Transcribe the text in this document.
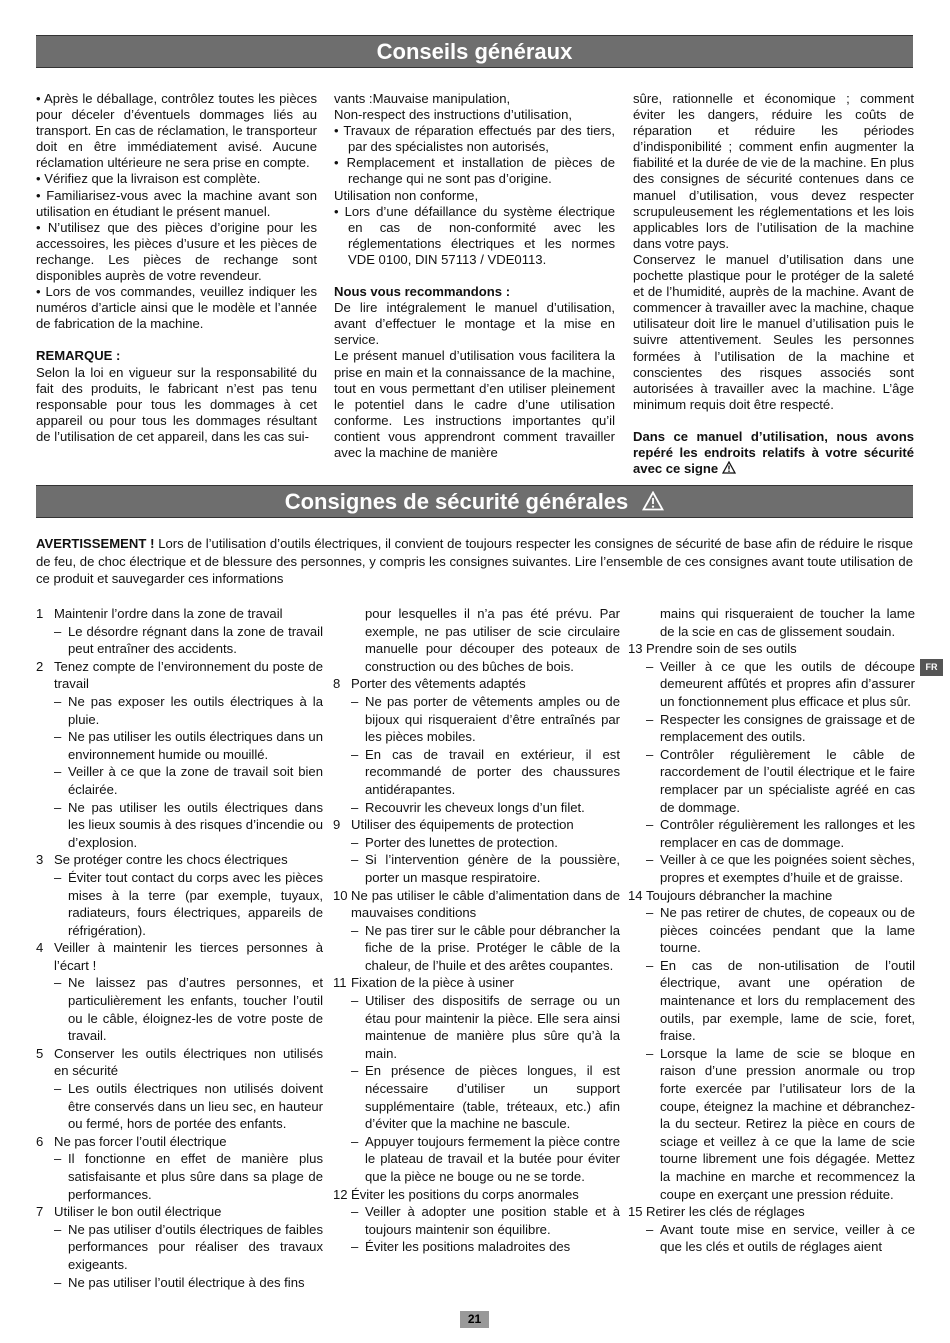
Conseils généraux

• Après le déballage, contrôlez toutes les pièces pour déceler d’éventuels dommages liés au transport. En cas de réclamation, le transporteur doit en être immédiatement avisé. Aucune réclamation ultérieure ne sera prise en compte.

• Vérifiez que la livraison est complète.

• Familiarisez-vous avec la machine avant son utilisation en étudiant le présent manuel.

• N’utilisez que des pièces d’origine pour les accessoires, les pièces d’usure et les pièces de rechange. Les pièces de rechange sont disponibles auprès de votre revendeur.

• Lors de vos commandes, veuillez indiquer les numéros d’article ainsi que le modèle et l’année de fabrication de la machine.

REMARQUE :

Selon la loi en vigueur sur la responsabilité du fait des produits, le fabricant n’est pas tenu responsable pour tous les dommages à cet appareil ou pour tous les dommages résultant de l’utilisation de cet appareil, dans les cas sui-

vants :Mauvaise manipulation,

Non-respect des instructions d’utilisation,

• Travaux de réparation effectués par des tiers, par des spécialistes non autorisés,

• Remplacement et installation de pièces de rechange qui ne sont pas d’origine.

Utilisation non conforme,

• Lors d’une défaillance du système électrique en cas de non-conformité avec les réglementations électriques et les normes VDE 0100, DIN 57113 / VDE0113.

Nous vous recommandons :

De lire intégralement le manuel d’utilisation, avant d’effectuer le montage et la mise en service.

Le présent manuel d’utilisation vous facilitera la prise en main et la connaissance de la machine, tout en vous permettant d’en utiliser pleinement le potentiel dans le cadre d’une utilisation conforme. Les instructions importantes qu’il contient vous apprendront comment travailler avec la machine de manière

sûre, rationnelle et économique ; comment éviter les dangers, réduire les coûts de réparation et réduire les périodes d’indisponibilité ; comment enfin augmenter la fiabilité et la durée de vie de la machine. En plus des consignes de sécurité contenues dans ce manuel d’utilisation, vous devez respecter scrupuleusement les réglementations et les lois applicables lors de l’utilisation de la machine dans votre pays.

Conservez le manuel d’utilisation dans une pochette plastique pour le protéger de la saleté et de l’humidité, auprès de la machine. Avant de commencer à travailler avec la machine, chaque utilisateur doit lire le manuel d’utilisation puis le suivre attentivement. Seules les personnes formées à l’utilisation de la machine et conscientes des risques associés sont autorisées à travailler avec la machine. L’âge minimum requis doit être respecté.

Dans ce manuel d’utilisation, nous avons repéré les endroits relatifs à votre sécurité avec ce signe

Consignes de sécurité générales
AVERTISSEMENT ! Lors de l’utilisation d’outils électriques, il convient de toujours respecter les consignes de sécurité de base afin de réduire le risque de feu, de choc électrique et de blessure des personnes, y compris les consignes suivantes. Lire l’ensemble de ces consignes avant toute utilisation de ce produit et sauvegarder ces informations
1 Maintenir l’ordre dans la zone de travail
– Le désordre régnant dans la zone de travail peut entraîner des accidents.
2 Tenez compte de l’environnement du poste de travail
– Ne pas exposer les outils électriques à la pluie.
– Ne pas utiliser les outils électriques dans un environnement humide ou mouillé.
– Veiller à ce que la zone de travail soit bien éclairée.
– Ne pas utiliser les outils électriques dans les lieux soumis à des risques d’incendie ou d’explosion.
3 Se protéger contre les chocs électriques
– Éviter tout contact du corps avec les pièces mises à la terre (par exemple, tuyaux, radiateurs, fours électriques, appareils de réfrigération).
4 Veiller à maintenir les tierces personnes à l’écart !
– Ne laissez pas d’autres personnes, et particulièrement les enfants, toucher l’outil ou le câble, éloignez-les de votre poste de travail.
5 Conserver les outils électriques non utilisés en sécurité
– Les outils électriques non utilisés doivent être conservés dans un lieu sec, en hauteur ou fermé, hors de portée des enfants.
6 Ne pas forcer l’outil électrique
– Il fonctionne en effet de manière plus satisfaisante et plus sûre dans sa plage de performances.
7 Utiliser le bon outil électrique
– Ne pas utiliser d’outils électriques de faibles performances pour réaliser des travaux exigeants.
– Ne pas utiliser l’outil électrique à des fins
pour lesquelles il n’a pas été prévu. Par exemple, ne pas utiliser de scie circulaire manuelle pour découper des poteaux de construction ou des bûches de bois.
8 Porter des vêtements adaptés
– Ne pas porter de vêtements amples ou de bijoux qui risqueraient d’être entraînés par les pièces mobiles.
– En cas de travail en extérieur, il est recommandé de porter des chaussures antidérapantes.
– Recouvrir les cheveux longs d’un filet.
9 Utiliser des équipements de protection
– Porter des lunettes de protection.
– Si l’intervention génère de la poussière, porter un masque respiratoire.
10 Ne pas utiliser le câble d’alimentation dans de mauvaises conditions
– Ne pas tirer sur le câble pour débrancher la fiche de la prise. Protéger le câble de la chaleur, de l’huile et des arêtes coupantes.
11 Fixation de la pièce à usiner
– Utiliser des dispositifs de serrage ou un étau pour maintenir la pièce. Elle sera ainsi maintenue de manière plus sûre qu’à la main.
– En présence de pièces longues, il est nécessaire d’utiliser un support supplémentaire (table, tréteaux, etc.) afin d’éviter que la machine ne bascule.
– Appuyer toujours fermement la pièce contre le plateau de travail et la butée pour éviter que la pièce ne bouge ou ne se torde.
12 Éviter les positions du corps anormales
– Veiller à adopter une position stable et à toujours maintenir son équilibre.
– Éviter les positions maladroites des
mains qui risqueraient de toucher la lame de la scie en cas de glissement soudain.
13 Prendre soin de ses outils
– Veiller à ce que les outils de découpe demeurent affûtés et propres afin d’assurer un fonctionnement plus efficace et plus sûr.
– Respecter les consignes de graissage et de remplacement des outils.
– Contrôler régulièrement le câble de raccordement de l’outil électrique et le faire remplacer par un spécialiste agréé en cas de dommage.
– Contrôler régulièrement les rallonges et les remplacer en cas de dommage.
– Veiller à ce que les poignées soient sèches, propres et exemptes d’huile et de graisse.
14 Toujours débrancher la machine
– Ne pas retirer de chutes, de copeaux ou de pièces coincées pendant que la lame tourne.
– En cas de non-utilisation de l’outil électrique, avant une opération de maintenance et lors du remplacement des outils, par exemple, lame de scie, foret, fraise.
– Lorsque la lame de scie se bloque en raison d’une pression anormale ou trop forte exercée par l’utilisateur lors de la coupe, éteignez la machine et débranchez-la du secteur. Retirez la pièce en cours de sciage et veillez à ce que la lame de scie tourne librement une fois dégagée. Mettez la machine en marche et recommencez la coupe en exerçant une pression réduite.
15 Retirer les clés de réglages
– Avant toute mise en service, veiller à ce que les clés et outils de réglages aient
FR
21
